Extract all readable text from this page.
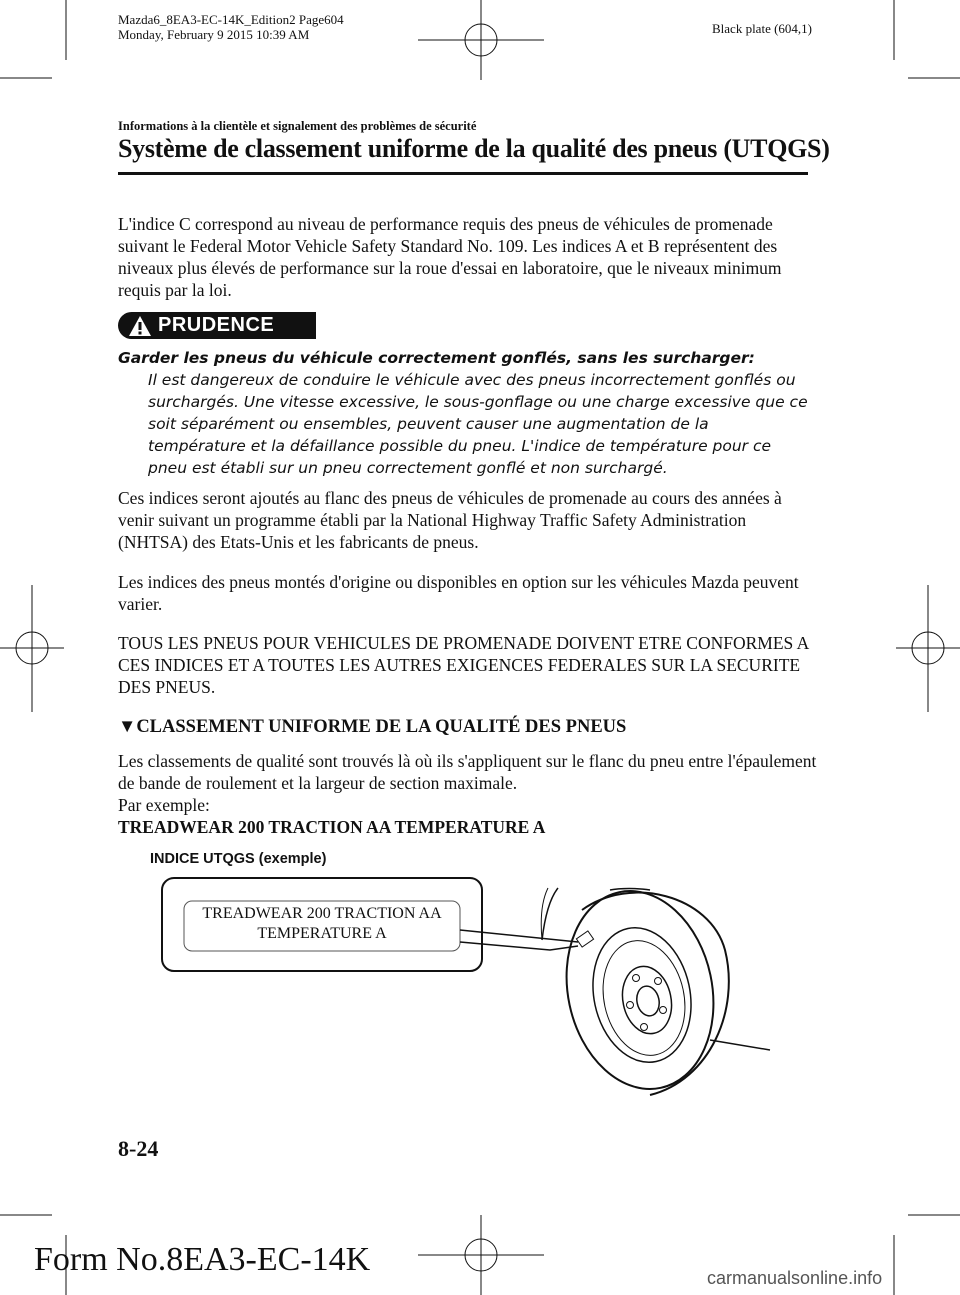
Mazda6_8EA3-EC-14K_Edition2 Page604
Monday, February 9 2015 10:39 AM	Black plate (604,1)
Informations à la clientèle et signalement des problèmes de sécurité
Système de classement uniforme de la qualité des pneus (UTQGS)
L'indice C correspond au niveau de performance requis des pneus de véhicules de promenade suivant le Federal Motor Vehicle Safety Standard No. 109. Les indices A et B représentent des niveaux plus élevés de performance sur la roue d'essai en laboratoire, que le niveaux minimum requis par la loi.
PRUDENCE
Garder les pneus du véhicule correctement gonflés, sans les surcharger:
Il est dangereux de conduire le véhicule avec des pneus incorrectement gonflés ou surchargés. Une vitesse excessive, le sous-gonflage ou une charge excessive que ce soit séparément ou ensembles, peuvent causer une augmentation de la température et la défaillance possible du pneu. L'indice de température pour ce pneu est établi sur un pneu correctement gonflé et non surchargé.
Ces indices seront ajoutés au flanc des pneus de véhicules de promenade au cours des années à venir suivant un programme établi par la National Highway Traffic Safety Administration (NHTSA) des Etats-Unis et les fabricants de pneus.
Les indices des pneus montés d'origine ou disponibles en option sur les véhicules Mazda peuvent varier.
TOUS LES PNEUS POUR VEHICULES DE PROMENADE DOIVENT ETRE CONFORMES A CES INDICES ET A TOUTES LES AUTRES EXIGENCES FEDERALES SUR LA SECURITE DES PNEUS.
▼CLASSEMENT UNIFORME DE LA QUALITÉ DES PNEUS
Les classements de qualité sont trouvés là où ils s'appliquent sur le flanc du pneu entre l'épaulement de bande de roulement et la largeur de section maximale.
Par exemple:
TREADWEAR 200 TRACTION AA TEMPERATURE A
INDICE UTQGS (exemple)
TREADWEAR 200 TRACTION AA
TEMPERATURE A
8-24
Form No.8EA3-EC-14K	carmanualsonline.info
